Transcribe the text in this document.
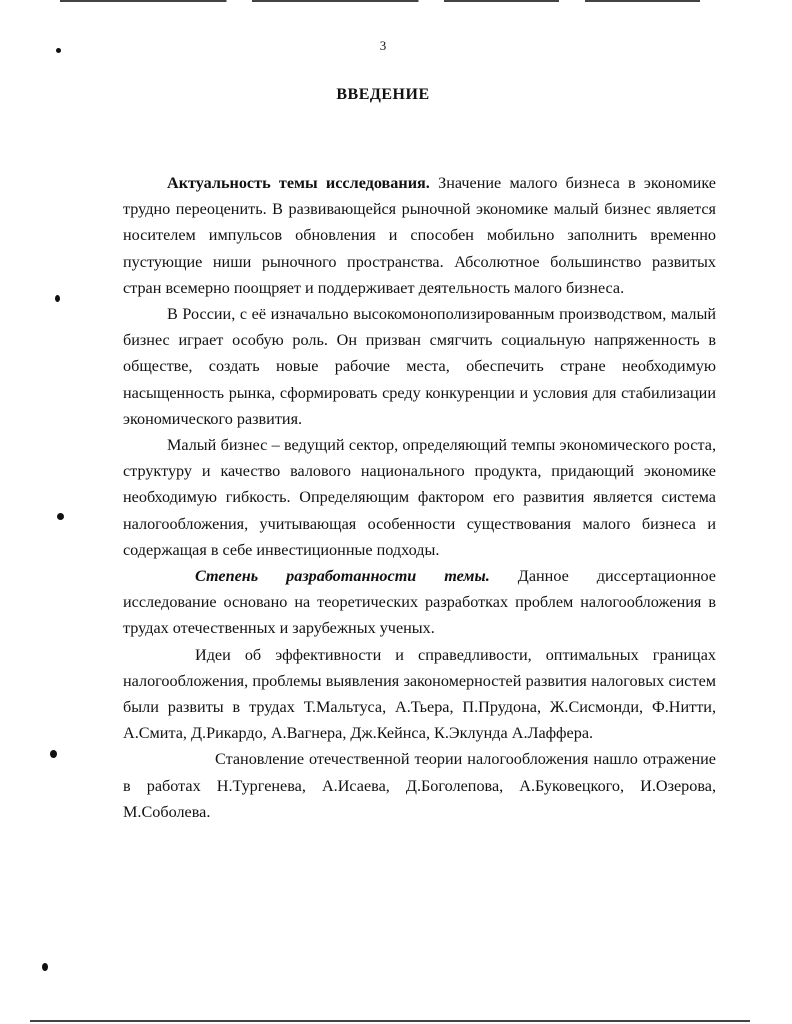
3
ВВЕДЕНИЕ

Актуальность темы исследования. Значение малого бизнеса в экономике трудно переоценить. В развивающейся рыночной экономике малый бизнес является носителем импульсов обновления и способен мобильно заполнить временно пустующие ниши рыночного пространства. Абсолютное большинство развитых стран всемерно поощряет и поддерживает деятельность малого бизнеса.

В России, с её изначально высокомонополизированным производством, малый бизнес играет особую роль. Он призван смягчить социальную напряженность в обществе, создать новые рабочие места, обеспечить стране необходимую насыщенность рынка, сформировать среду конкуренции и условия для стабилизации экономического развития.

Малый бизнес – ведущий сектор, определяющий темпы экономического роста, структуру и качество валового национального продукта, придающий экономике необходимую гибкость. Определяющим фактором его развития является система налогообложения, учитывающая особенности существования малого бизнеса и содержащая в себе инвестиционные подходы.

Степень разработанности темы. Данное диссертационное исследование основано на теоретических разработках проблем налогообложения в трудах отечественных и зарубежных ученых.

Идеи об эффективности и справедливости, оптимальных границах налогообложения, проблемы выявления закономерностей развития налоговых систем были развиты в трудах Т.Мальтуса, А.Тьера, П.Прудона, Ж.Сисмонди, Ф.Нитти, А.Смита, Д.Рикардо, А.Вагнера, Дж.Кейнса, К.Эклунда А.Лаффера.

Становление отечественной теории налогообложения нашло отражение в работах Н.Тургенева, А.Исаева, Д.Боголепова, А.Буковецкого, И.Озерова, М.Соболева.
